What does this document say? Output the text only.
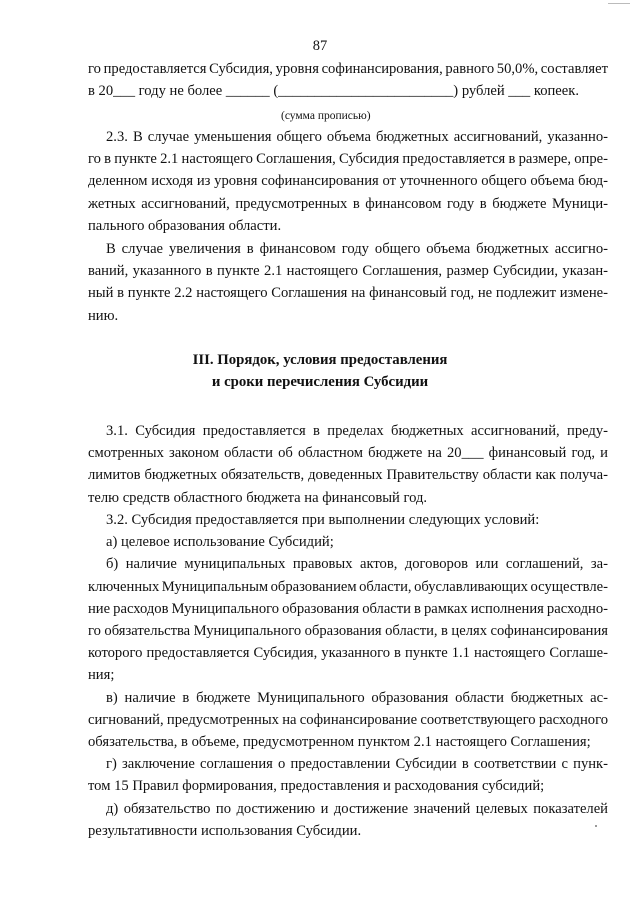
87
го предоставляется Субсидия, уровня софинансирования, равного 50,0%, составляет
в 20___ году не более ______ (________________________) рублей ___ копеек.
(сумма прописью)
2.3. В случае уменьшения общего объема бюджетных ассигнований, указанно-
го в пункте 2.1 настоящего Соглашения, Субсидия предоставляется в размере, опре-
деленном исходя из уровня софинансирования от уточненного общего объема бюд-
жетных ассигнований, предусмотренных в финансовом году в бюджете Муници-
пального образования области.
В случае увеличения в финансовом году общего объема бюджетных ассигно-
ваний, указанного в пункте 2.1 настоящего Соглашения, размер Субсидии, указан-
ный в пункте 2.2 настоящего Соглашения на финансовый год, не подлежит измене-
нию.
III. Порядок, условия предоставления
и сроки перечисления Субсидии
3.1. Субсидия предоставляется в пределах бюджетных ассигнований, преду-
смотренных законом области об областном бюджете на 20___ финансовый год, и
лимитов бюджетных обязательств, доведенных Правительству области как получа-
телю средств областного бюджета на финансовый год.
3.2. Субсидия предоставляется при выполнении следующих условий:
а) целевое использование Субсидий;
б) наличие муниципальных правовых актов, договоров или соглашений, за-
ключенных Муниципальным образованием области, обуславливающих осуществле-
ние расходов Муниципального образования области в рамках исполнения расходно-
го обязательства Муниципального образования области, в целях софинансирования
которого предоставляется Субсидия, указанного в пункте 1.1 настоящего Соглаше-
ния;
в) наличие в бюджете Муниципального образования области бюджетных ас-
сигнований, предусмотренных на софинансирование соответствующего расходного
обязательства, в объеме, предусмотренном пунктом 2.1 настоящего Соглашения;
г) заключение соглашения о предоставлении Субсидии в соответствии с пунк-
том 15 Правил формирования, предоставления и расходования субсидий;
д) обязательство по достижению и достижение значений целевых показателей
результативности использования Субсидии.
